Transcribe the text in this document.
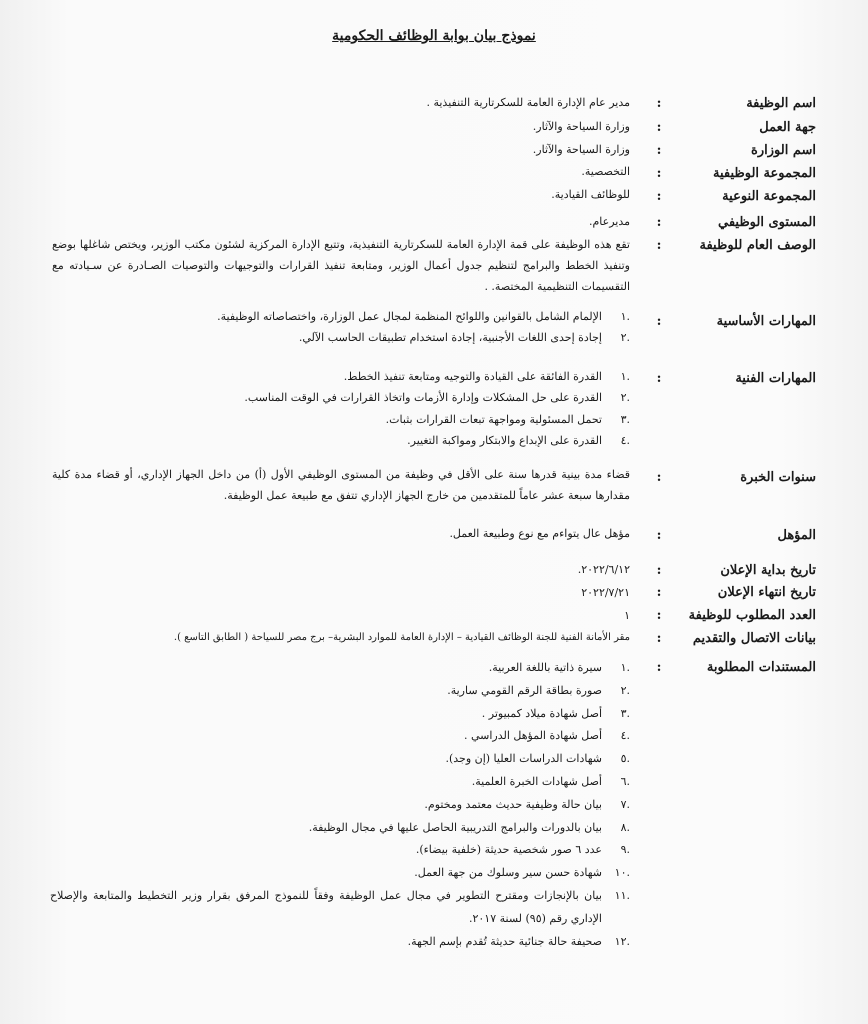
نموذج بيان بوابة الوظائف الحكومية
اسم الوظيفة
:
مدير عام الإدارة العامة للسكرتارية التنفيذية .
جهة العمل
:
وزارة السياحة والآثار.
اسم الوزارة
:
وزارة السياحة والآثار.
المجموعة الوظيفية
:
التخصصية.
المجموعة النوعية
:
للوظائف القيادية.
المستوى الوظيفي
:
مديرعام.
الوصف العام للوظيفة
:
تقع هذه الوظيفة على قمة الإدارة العامة للسكرتارية التنفيذية، وتتبع الإدارة المركزية لشئون مكتب الوزير، ويختص شاغلها بوضع وتنفيذ الخطط والبرامج لتنظيم جدول أعمال الوزير، ومتابعة تنفيذ القرارات والتوجيهات والتوصيات الصـادرة عن سـيادته مع التقسيمات التنظيمية المختصة. .
المهارات الأساسية
:
.١
الإلمام الشامل بالقوانين واللوائح المنظمة لمجال عمل الوزارة، واختصاصاته الوظيفية.
.٢
إجادة إحدى اللغات الأجنبية، إجادة استخدام تطبيقات الحاسب الآلي.
المهارات الفنية
:
.١
القدرة الفائقة على القيادة والتوجيه ومتابعة تنفيذ الخطط.
.٢
القدرة على حل المشكلات وإدارة الأزمات واتخاذ القرارات في الوقت المناسب.
.٣
تحمل المسئولية ومواجهة تبعات القرارات بثبات.
.٤
القدرة على الإبداع والابتكار ومواكبة التغيير.
سنوات الخبرة
:
قضاء مدة بينية قدرها سنة على الأقل في وظيفة من المستوى الوظيفي الأول (أ) من داخل الجهاز الإداري، أو قضاء مدة كلية مقدارها سبعة عشر عاماً للمتقدمين من خارج الجهاز الإداري تتفق مع طبيعة عمل الوظيفة.
المؤهل
:
مؤهل عال يتواءم مع نوع وطبيعة العمل.
تاريخ بداية الإعلان
:
٢٠٢٢/٦/١٢.
تاريخ انتهاء الإعلان
:
٢٠٢٢/٧/٢١
العدد المطلوب للوظيفة
:
١
بيانات الاتصال والتقديم
:
مقر الأمانة الفنية للجنة الوظائف القيادية – الإدارة العامة للموارد البشرية– برج مصر للسياحة ( الطابق التاسع ).
المستندات المطلوبة
:
.١
سيرة ذاتية باللغة العربية.
.٢
صورة بطاقة الرقم القومي سارية.
.٣
أصل شهادة ميلاد كمبيوتر .
.٤
أصل شهادة المؤهل الدراسي .
.٥
شهادات الدراسات العليا (إن وجد).
.٦
أصل شهادات الخبرة العلمية.
.٧
بيان حالة وظيفية حديث معتمد ومختوم.
.٨
بيان بالدورات والبرامج التدريبية الحاصل عليها في مجال الوظيفة.
.٩
عدد ٦ صور شخصية حديثة (خلفية بيضاء).
.١٠
شهادة حسن سير وسلوك من جهة العمل.
.١١
بيان بالإنجازات ومقترح التطوير في مجال عمل الوظيفة وفقاً للنموذج المرفق بقرار وزير التخطيط والمتابعة والإصلاح الإداري رقم (٩٥) لسنة ٢٠١٧.
.١٢
صحيفة حالة جنائية حديثة تُقدم بإسم الجهة.
